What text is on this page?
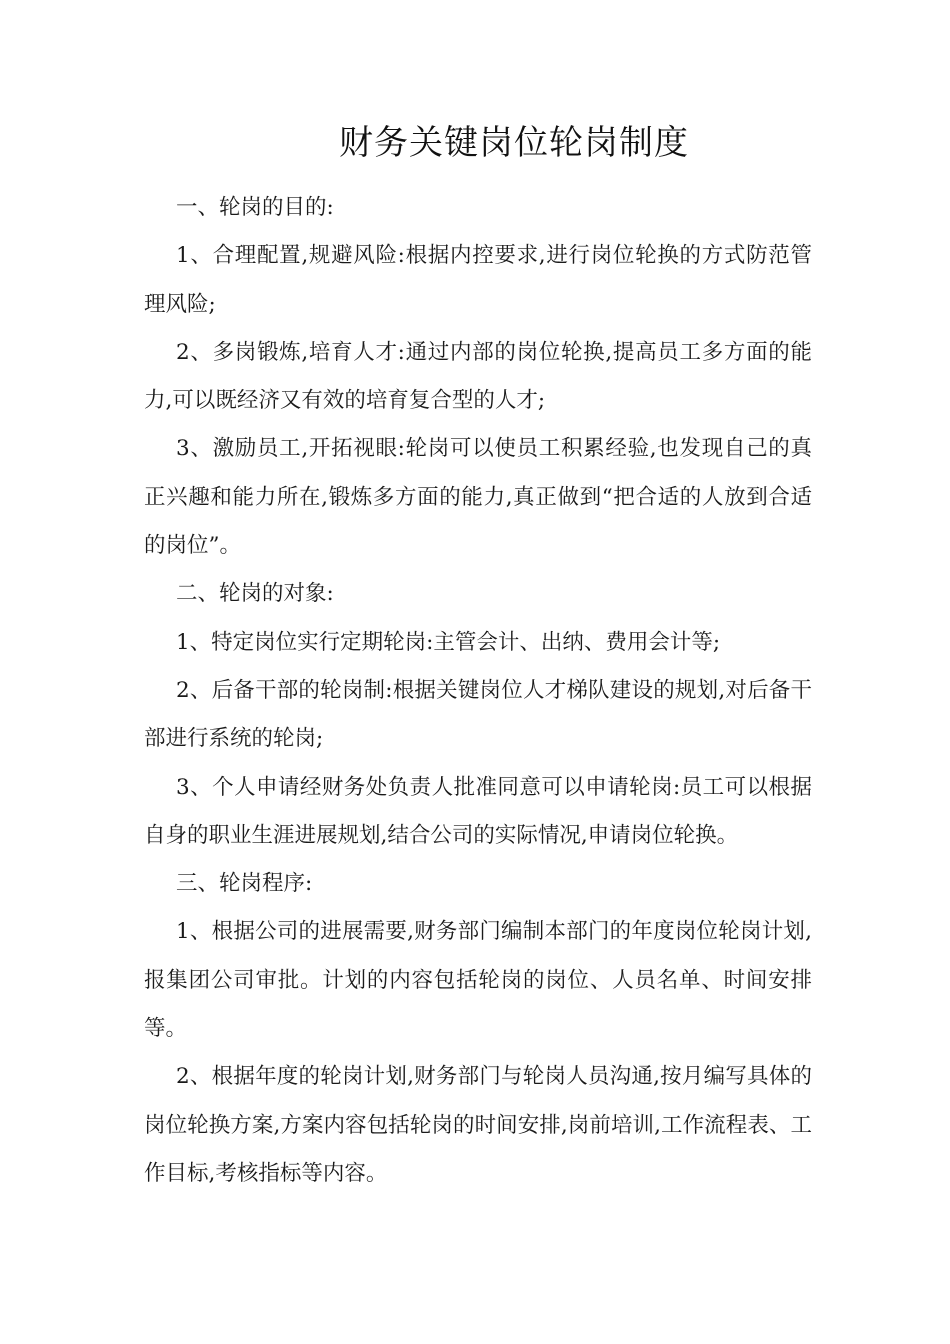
财务关键岗位轮岗制度

一、轮岗的目的:

1、合理配置,规避风险:根据内控要求,进行岗位轮换的方式防范管理风险;

2、多岗锻炼,培育人才:通过内部的岗位轮换,提高员工多方面的能力,可以既经济又有效的培育复合型的人才;

3、激励员工,开拓视眼:轮岗可以使员工积累经验,也发现自己的真正兴趣和能力所在,锻炼多方面的能力,真正做到“把合适的人放到合适的岗位”。

二、轮岗的对象:

1、特定岗位实行定期轮岗:主管会计、出纳、费用会计等;

2、后备干部的轮岗制:根据关键岗位人才梯队建设的规划,对后备干部进行系统的轮岗;

3、个人申请经财务处负责人批准同意可以申请轮岗:员工可以根据自身的职业生涯进展规划,结合公司的实际情况,申请岗位轮换。

三、轮岗程序:

1、根据公司的进展需要,财务部门编制本部门的年度岗位轮岗计划,报集团公司审批。计划的内容包括轮岗的岗位、人员名单、时间安排等。

2、根据年度的轮岗计划,财务部门与轮岗人员沟通,按月编写具体的岗位轮换方案,方案内容包括轮岗的时间安排,岗前培训,工作流程表、工作目标,考核指标等内容。
